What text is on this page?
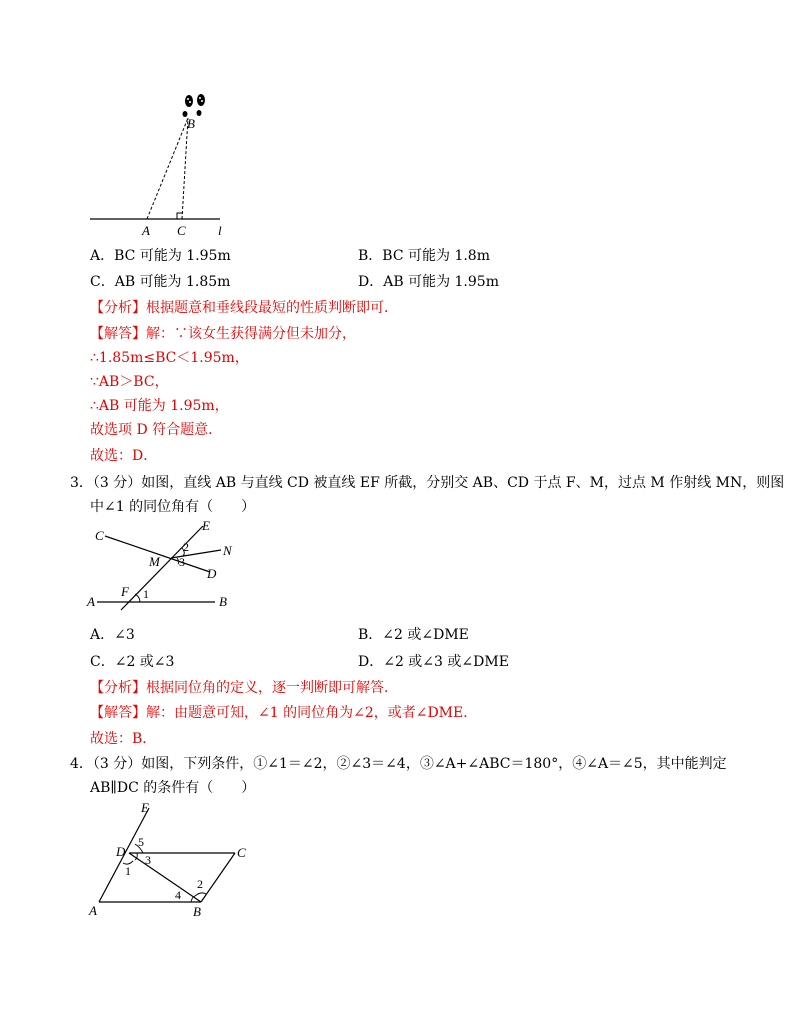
B
A C l
A．BC 可能为 1.95m	B．BC 可能为 1.8m
C．AB 可能为 1.85m	D．AB 可能为 1.95m
【分析】根据题意和垂线段最短的性质判断即可．
【解答】解：∵该女生获得满分但未加分，
∴1.85m≤BC＜1.95m，
∵AB＞BC，
∴AB 可能为 1.95m，
故选项 D 符合题意．
故选：D．
3．（3 分）如图，直线 AB 与直线 CD 被直线 EF 所截，分别交 AB、CD 于点 F、M，过点 M 作射线 MN，则图
中∠1 的同位角有（　　）
E
C
N
M
D
F
A	B
1
2
3
A．∠3	B．∠2 或∠DME
C．∠2 或∠3	D．∠2 或∠3 或∠DME
【分析】根据同位角的定义，逐一判断即可解答．
【解答】解：由题意可知，∠1 的同位角为∠2，或者∠DME．
故选：B．
4．（3 分）如图，下列条件，①∠1＝∠2，②∠3＝∠4，③∠A+∠ABC＝180°，④∠A＝∠5，其中能判定
AB∥DC 的条件有（　　）
E
D	C
A	B
1
2
3
4
5
